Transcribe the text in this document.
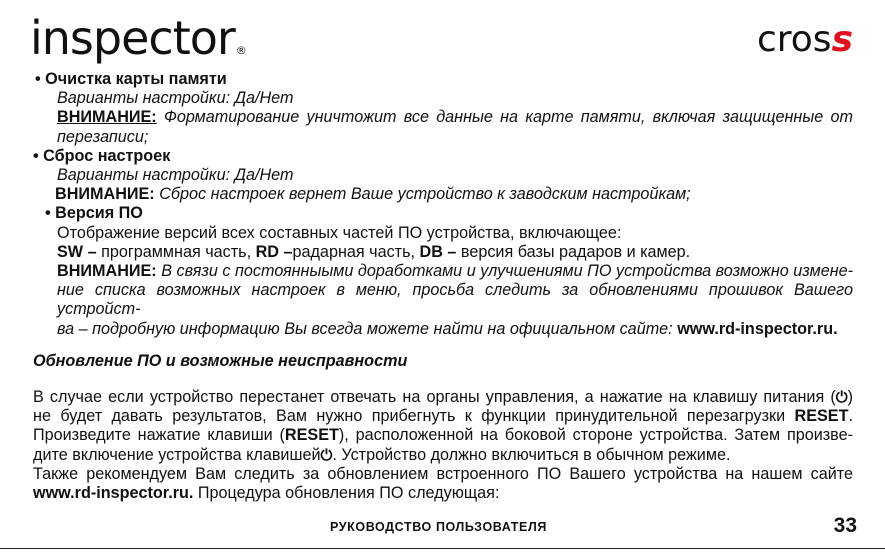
inspector®	cross

• Очистка карты памяти

Варианты настройки: Да/Нет

ВНИМАНИЕ: Форматирование уничтожит все данные на карте памяти, включая защищенные от

перезаписи;

• Сброс настроек

Варианты настройки: Да/Нет

ВНИМАНИЕ: Сброс настроек вернет Ваше устройство к заводским настройкам;

• Версия ПО

Отображение версий всех составных частей ПО устройства, включающее:

SW – программная часть, RD –радарная часть, DB – версия базы радаров и камер.

ВНИМАНИЕ: В связи с постоянныыми доработками и улучшениями ПО устройства возможно измене-

ние списка возможных настроек в меню, просьба следить за обновлениями прошивок Вашего устройст-

ва – подробную информацию Вы всегда можете найти на официальном сайте: www.rd-inspector.ru.

Обновление ПО и возможные неисправности

В случае если устройство перестанет отвечать на органы управления, а нажатие на клавишу питания (⏻)

не будет давать результатов, Вам нужно прибегнуть к функции принудительной перезагрузки RESET.

Произведите нажатие клавиши (RESET), расположенной на боковой стороне устройства. Затем произве-

дите включение устройства клавишей⏻. Устройство должно включиться в обычном режиме.

Также рекомендуем Вам следить за обновлением встроенного ПО Вашего устройства на нашем сайте

www.rd-inspector.ru. Процедура обновления ПО следующая:

РУКОВОДСТВО ПОЛЬЗОВАТЕЛЯ	33
